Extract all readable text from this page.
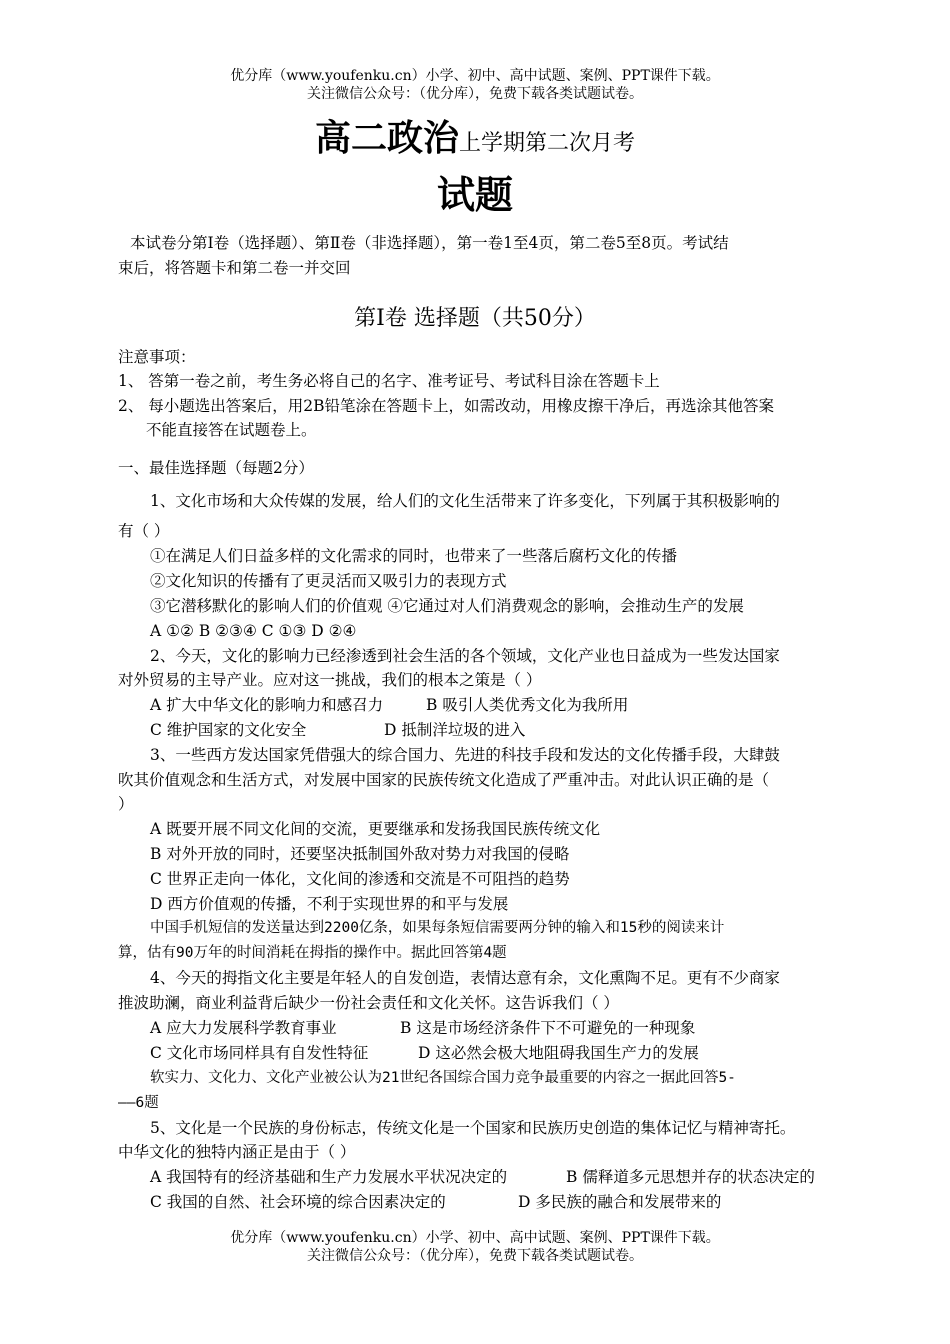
优分库（www.youfenku.cn）小学、初中、高中试题、案例、PPT课件下载。
关注微信公众号：（优分库），免费下载各类试题试卷。
高二政治上学期第二次月考
试题
本试卷分第Ⅰ卷（选择题）、第Ⅱ卷（非选择题），第一卷1至4页，第二卷5至8页。考试结
束后，将答题卡和第二卷一并交回
第Ⅰ卷 选择题（共50分）
注意事项：
1、 答第一卷之前，考生务必将自己的名字、准考证号、考试科目涂在答题卡上
2、 每小题选出答案后，用2B铅笔涂在答题卡上，如需改动，用橡皮擦干净后，再选涂其他答案
不能直接答在试题卷上。
一、最佳选择题（每题2分）
1、文化市场和大众传媒的发展，给人们的文化生活带来了许多变化，下列属于其积极影响的
有（ ）
①在满足人们日益多样的文化需求的同时，也带来了一些落后腐朽文化的传播
②文化知识的传播有了更灵活而又吸引力的表现方式
③它潜移默化的影响人们的价值观 ④它通过对人们消费观念的影响，会推动生产的发展
A ①② B ②③④ C ①③ D ②④
2、今天，文化的影响力已经渗透到社会生活的各个领域，文化产业也日益成为一些发达国家
对外贸易的主导产业。应对这一挑战，我们的根本之策是（ ）
A 扩大中华文化的影响力和感召力	B 吸引人类优秀文化为我所用
C 维护国家的文化安全	D 抵制洋垃圾的进入
3、一些西方发达国家凭借强大的综合国力、先进的科技手段和发达的文化传播手段，大肆鼓
吹其价值观念和生活方式，对发展中国家的民族传统文化造成了严重冲击。对此认识正确的是（
）
A 既要开展不同文化间的交流，更要继承和发扬我国民族传统文化
B 对外开放的同时，还要坚决抵制国外敌对势力对我国的侵略
C 世界正走向一体化，文化间的渗透和交流是不可阻挡的趋势
D 西方价值观的传播，不利于实现世界的和平与发展
中国手机短信的发送量达到2200亿条，如果每条短信需要两分钟的输入和15秒的阅读来计
算，估有90万年的时间消耗在拇指的操作中。据此回答第4题
4、今天的拇指文化主要是年轻人的自发创造，表情达意有余，文化熏陶不足。更有不少商家
推波助澜，商业利益背后缺少一份社会责任和文化关怀。这告诉我们（ ）
A 应大力发展科学教育事业	B 这是市场经济条件下不可避免的一种现象
C 文化市场同样具有自发性特征	D 这必然会极大地阻碍我国生产力的发展
软实力、文化力、文化产业被公认为21世纪各国综合国力竞争最重要的内容之一据此回答5-
——6题
5、文化是一个民族的身份标志，传统文化是一个国家和民族历史创造的集体记忆与精神寄托。
中华文化的独特内涵正是由于（ ）
A 我国特有的经济基础和生产力发展水平状况决定的	B 儒释道多元思想并存的状态决定的
C 我国的自然、社会环境的综合因素决定的	D 多民族的融合和发展带来的
优分库（www.youfenku.cn）小学、初中、高中试题、案例、PPT课件下载。
关注微信公众号：（优分库），免费下载各类试题试卷。
